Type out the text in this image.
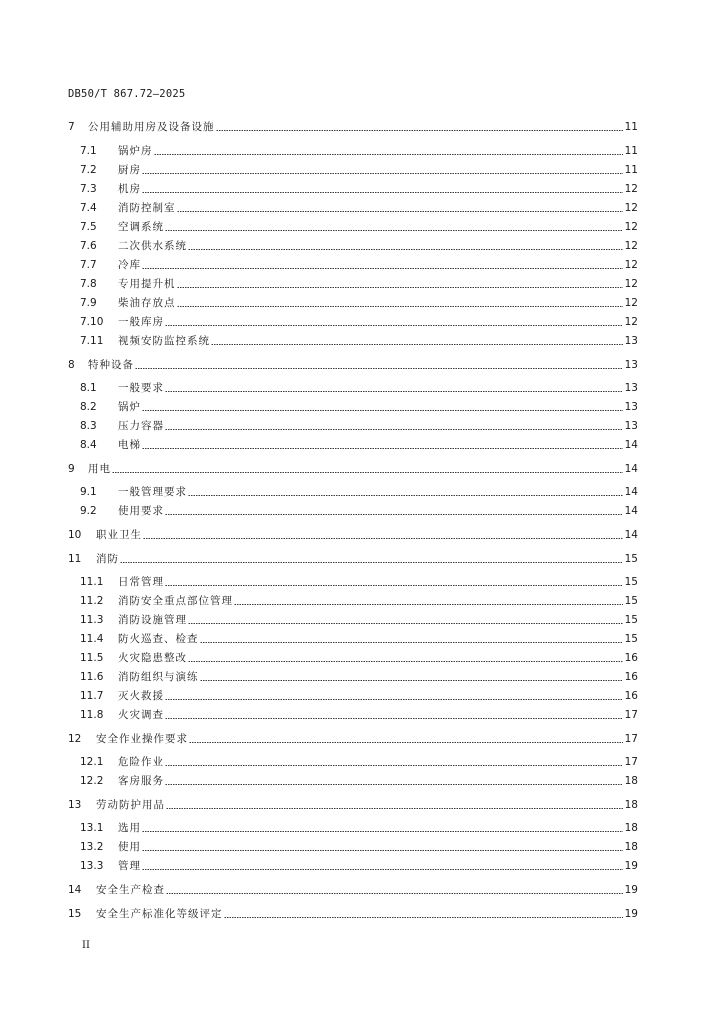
DB50/T 867.72—2025
7	公用辅助用房及设备设施	11
7.1	锅炉房	11
7.2	厨房	11
7.3	机房	12
7.4	消防控制室	12
7.5	空调系统	12
7.6	二次供水系统	12
7.7	冷库	12
7.8	专用提升机	12
7.9	柴油存放点	12
7.10	一般库房	12
7.11	视频安防监控系统	13
8	特种设备	13
8.1	一般要求	13
8.2	锅炉	13
8.3	压力容器	13
8.4	电梯	14
9	用电	14
9.1	一般管理要求	14
9.2	使用要求	14
10	职业卫生	14
11	消防	15
11.1	日常管理	15
11.2	消防安全重点部位管理	15
11.3	消防设施管理	15
11.4	防火巡查、检查	15
11.5	火灾隐患整改	16
11.6	消防组织与演练	16
11.7	灭火救援	16
11.8	火灾调查	17
12	安全作业操作要求	17
12.1	危险作业	17
12.2	客房服务	18
13	劳动防护用品	18
13.1	选用	18
13.2	使用	18
13.3	管理	19
14	安全生产检查	19
15	安全生产标准化等级评定	19
II
